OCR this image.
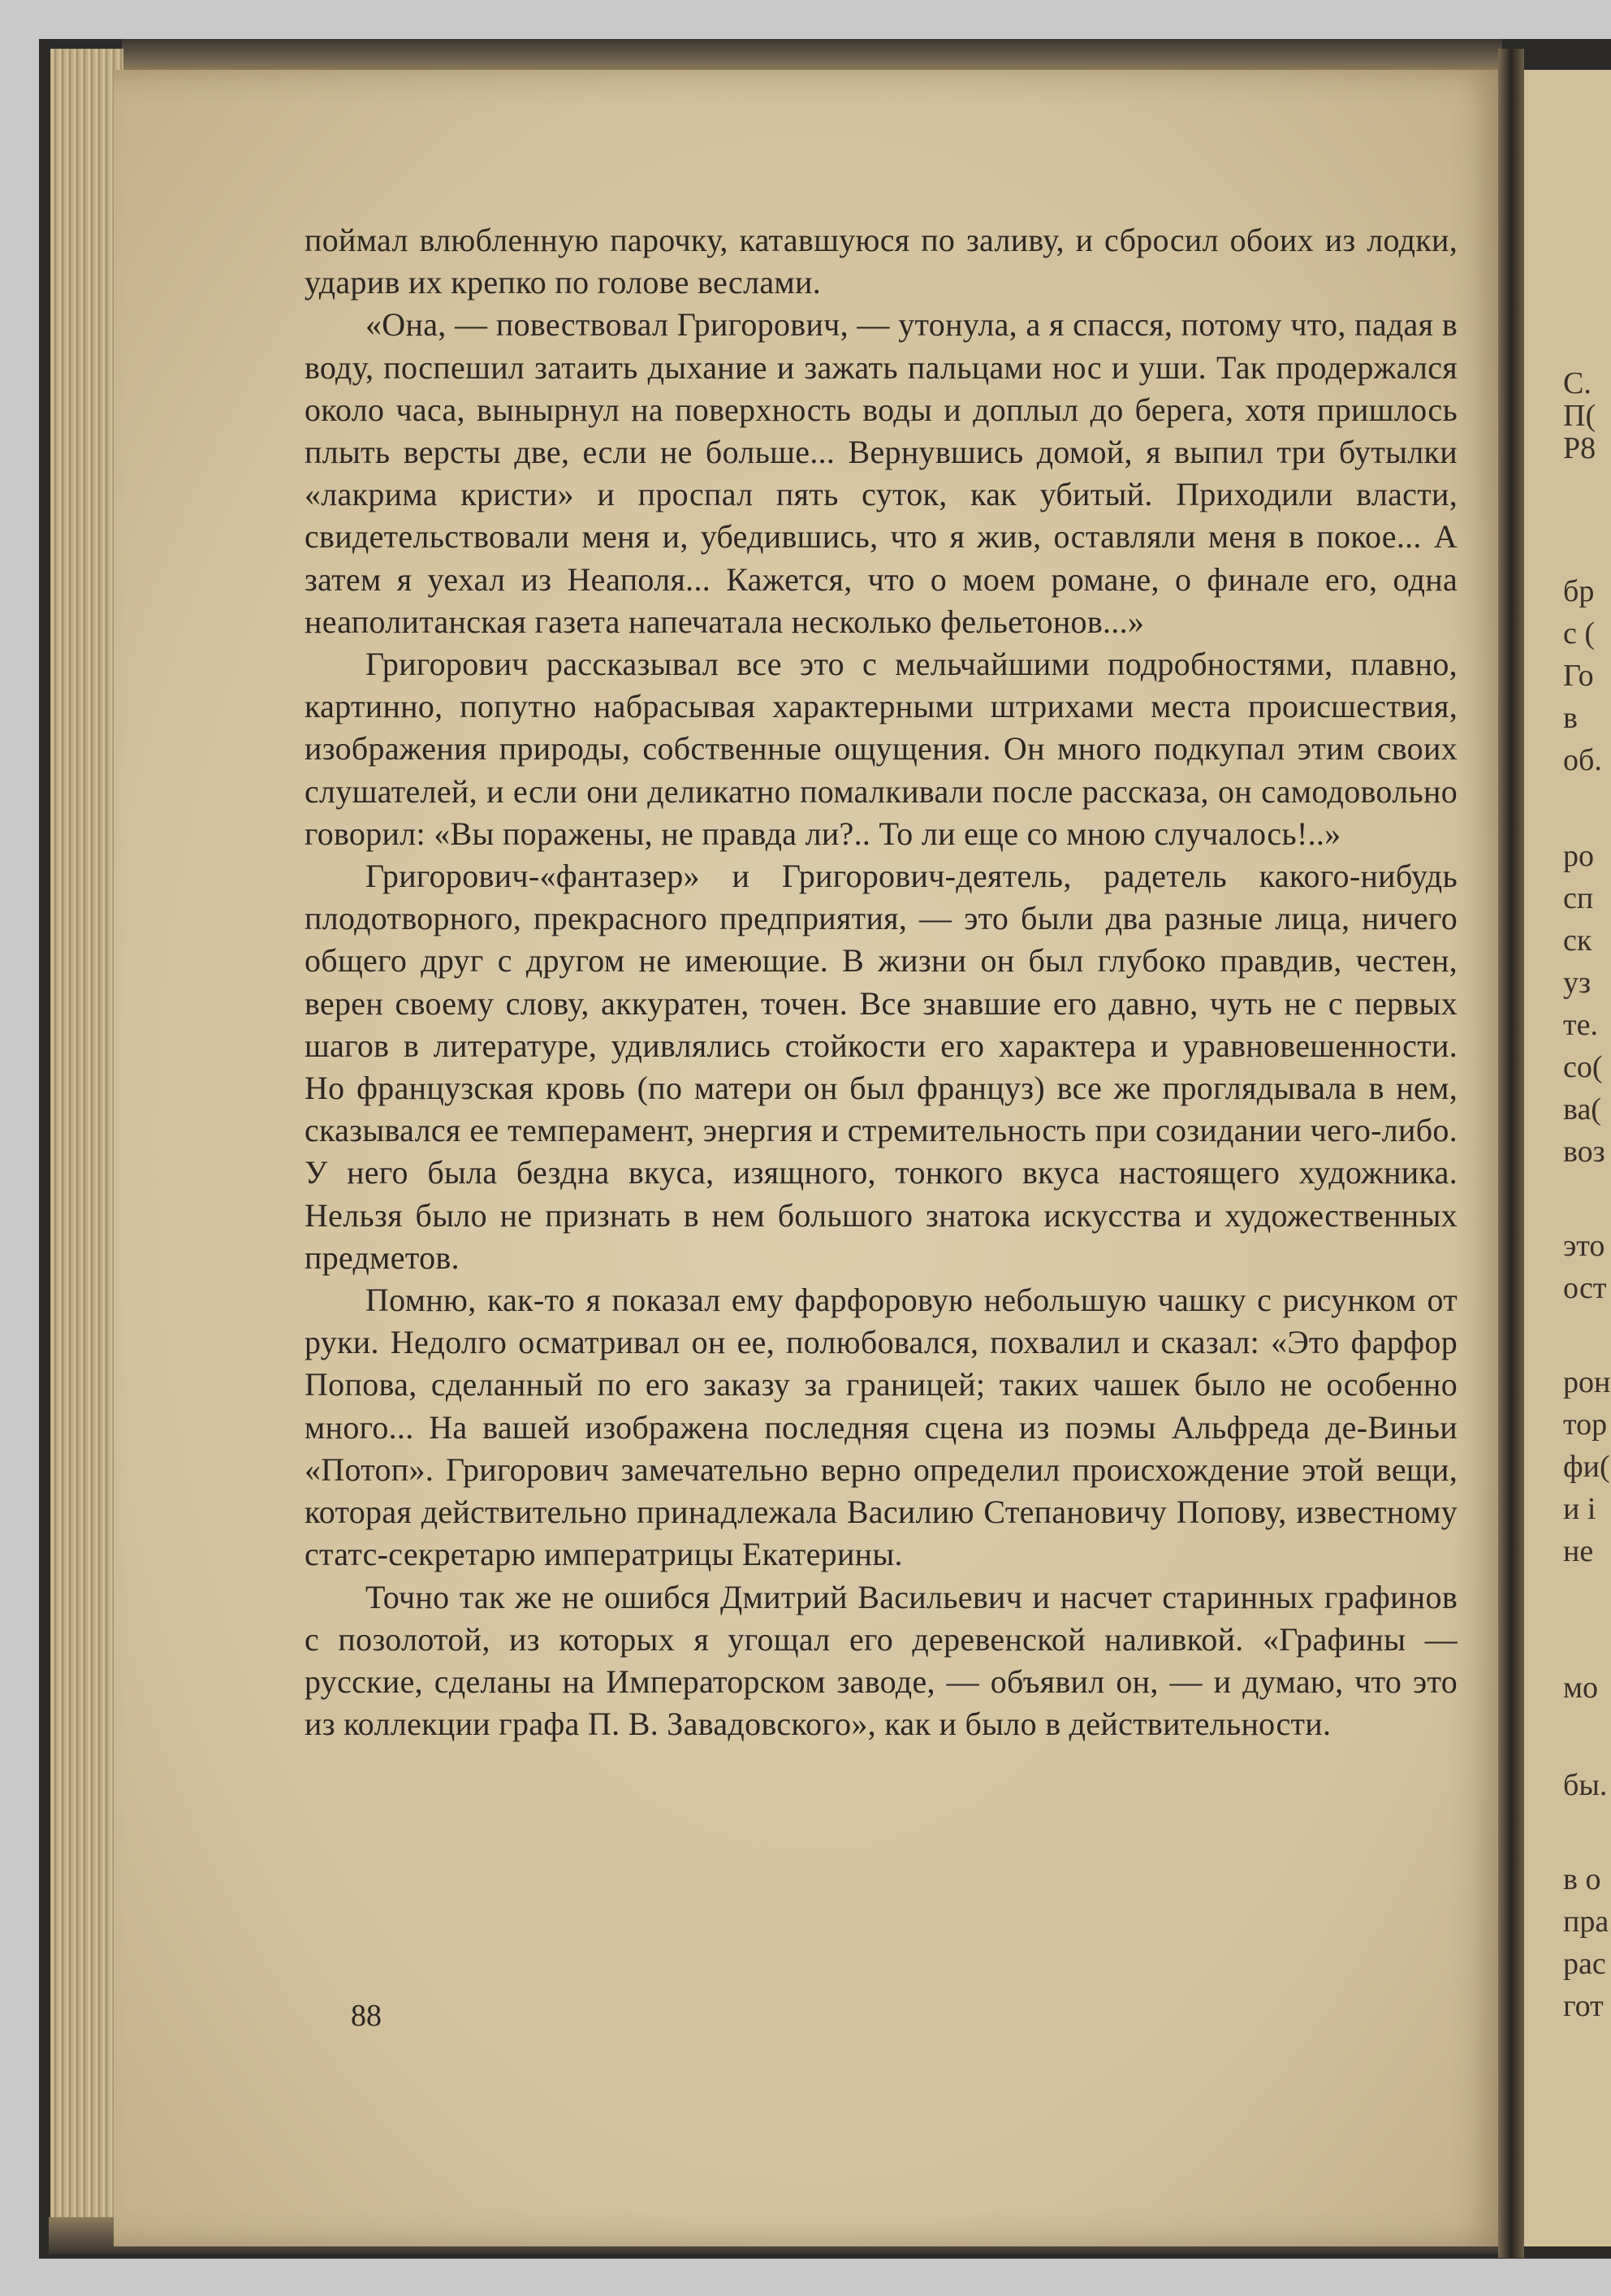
поймал влюбленную парочку, катавшуюся по заливу, и сбросил обоих из лодки, ударив их крепко по голове веслами.

«Она, — повествовал Григорович, — утонула, а я спасся, потому что, падая в воду, поспешил затаить дыхание и зажать пальцами нос и уши. Так продержался около часа, вынырнул на поверхность воды и доплыл до берега, хотя пришлось плыть версты две, если не больше... Вернувшись домой, я выпил три бутылки «лакрима кристи» и проспал пять суток, как убитый. Приходили власти, свидетельствовали меня и, убедившись, что я жив, оставляли меня в покое... А затем я уехал из Неаполя... Кажется, что о моем романе, о финале его, одна неаполитанская газета напечатала несколько фельетонов...»

Григорович рассказывал все это с мельчайшими подробностями, плавно, картинно, попутно набрасывая характерными штрихами места происшествия, изображения природы, собственные ощущения. Он много подкупал этим своих слушателей, и если они деликатно помалкивали после рассказа, он самодовольно говорил: «Вы поражены, не правда ли?.. То ли еще со мною случалось!..»

Григорович-«фантазер» и Григорович-деятель, радетель какого-нибудь плодотворного, прекрасного предприятия, — это были два разные лица, ничего общего друг с другом не имеющие. В жизни он был глубоко правдив, честен, верен своему слову, аккуратен, точен. Все знавшие его давно, чуть не с первых шагов в литературе, удивлялись стойкости его характера и уравновешенности. Но французская кровь (по матери он был француз) все же проглядывала в нем, сказывался ее темперамент, энергия и стремительность при созидании чего-либо. У него была бездна вкуса, изящного, тонкого вкуса настоящего художника. Нельзя было не признать в нем большого знатока искусства и художественных предметов.

Помню, как-то я показал ему фарфоровую небольшую чашку с рисунком от руки. Недолго осматривал он ее, полюбовался, похвалил и сказал: «Это фарфор Попова, сделанный по его заказу за границей; таких чашек было не особенно много... На вашей изображена последняя сцена из поэмы Альфреда де-Виньи «Потоп». Григорович замечательно верно определил происхождение этой вещи, которая действительно принадлежала Василию Степановичу Попову, известному статс-секретарю императрицы Екатерины.

Точно так же не ошибся Дмитрий Васильевич и насчет старинных графинов с позолотой, из которых я угощал его деревенской наливкой. «Графины — русские, сделаны на Императорском заводе, — объявил он, — и думаю, что это из коллекции графа П. В. Завадовского», как и было в действительности.

88
С.
П(
Р8
бр
с (
Го
в
об.
ро
сп
ск
уз
те.
со(
ва(
воз
это
ост
рон
тор
фи(
и і
не
мо
бы.
в о
пра
рас
гот
